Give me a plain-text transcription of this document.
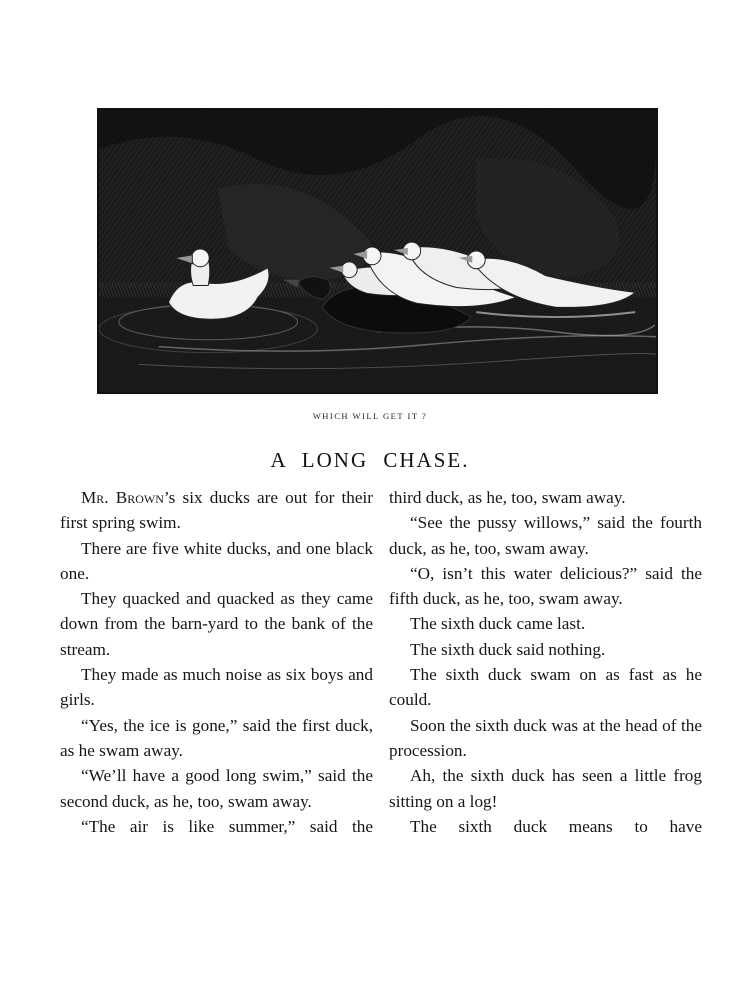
WHICH WILL GET IT ?
A LONG CHASE.

Mr. Brown’s six ducks are out for their first spring swim.

There are five white ducks, and one black one.

They quacked and quacked as they came down from the barn-yard to the bank of the stream.

They made as much noise as six boys and girls.

“Yes, the ice is gone,” said the first duck, as he swam away.

“We’ll have a good long swim,” said the second duck, as he, too, swam away.

“The air is like summer,” said the

third duck, as he, too, swam away.

“See the pussy willows,” said the fourth duck, as he, too, swam away.

“O, isn’t this water delicious?” said the fifth duck, as he, too, swam away.

The sixth duck came last.

The sixth duck said nothing.

The sixth duck swam on as fast as he could.

Soon the sixth duck was at the head of the procession.

Ah, the sixth duck has seen a little frog sitting on a log!

The sixth duck means to have
